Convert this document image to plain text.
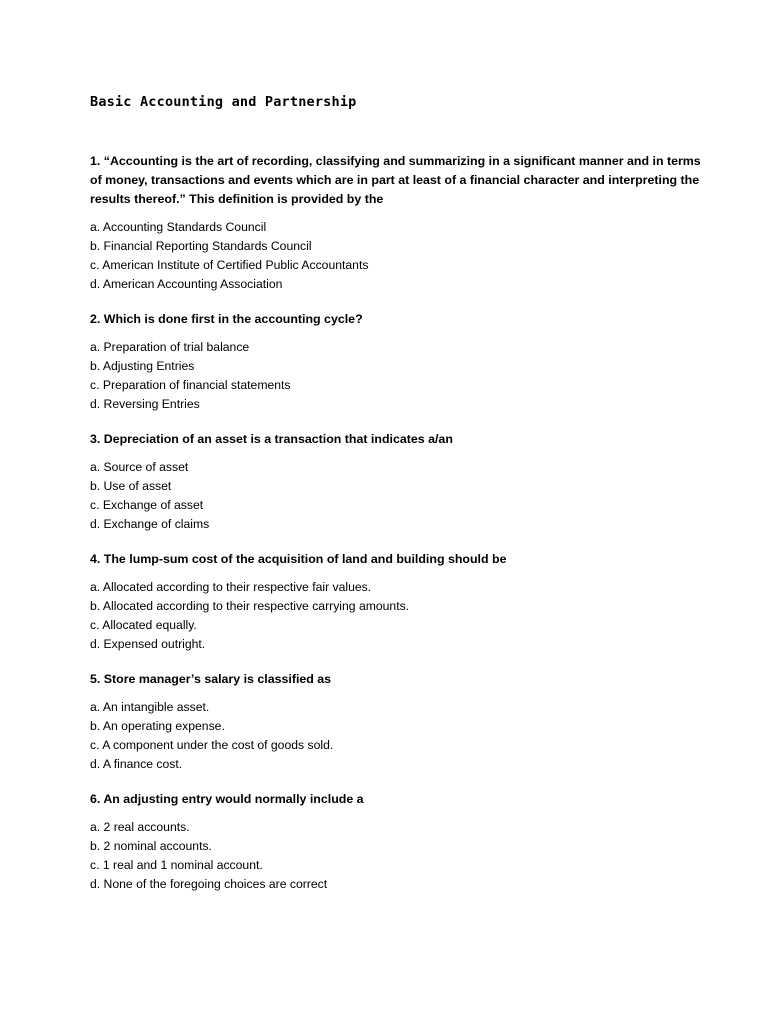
Basic Accounting and Partnership

1. “Accounting is the art of recording, classifying and summarizing in a significant manner and in terms of money, transactions and events which are in part at least of a financial character and interpreting the results thereof.” This definition is provided by the

a. Accounting Standards Council
b. Financial Reporting Standards Council
c. American Institute of Certified Public Accountants
d. American Accounting Association

2. Which is done first in the accounting cycle?

a. Preparation of trial balance
b. Adjusting Entries
c. Preparation of financial statements
d. Reversing Entries

3. Depreciation of an asset is a transaction that indicates a/an

a. Source of asset
b. Use of asset
c. Exchange of asset
d. Exchange of claims

4. The lump-sum cost of the acquisition of land and building should be

a. Allocated according to their respective fair values.
b. Allocated according to their respective carrying amounts.
c. Allocated equally.
d. Expensed outright.

5. Store manager’s salary is classified as

a. An intangible asset.
b. An operating expense.
c. A component under the cost of goods sold.
d. A finance cost.

6. An adjusting entry would normally include a

a. 2 real accounts.
b. 2 nominal accounts.
c. 1 real and 1 nominal account.
d. None of the foregoing choices are correct
